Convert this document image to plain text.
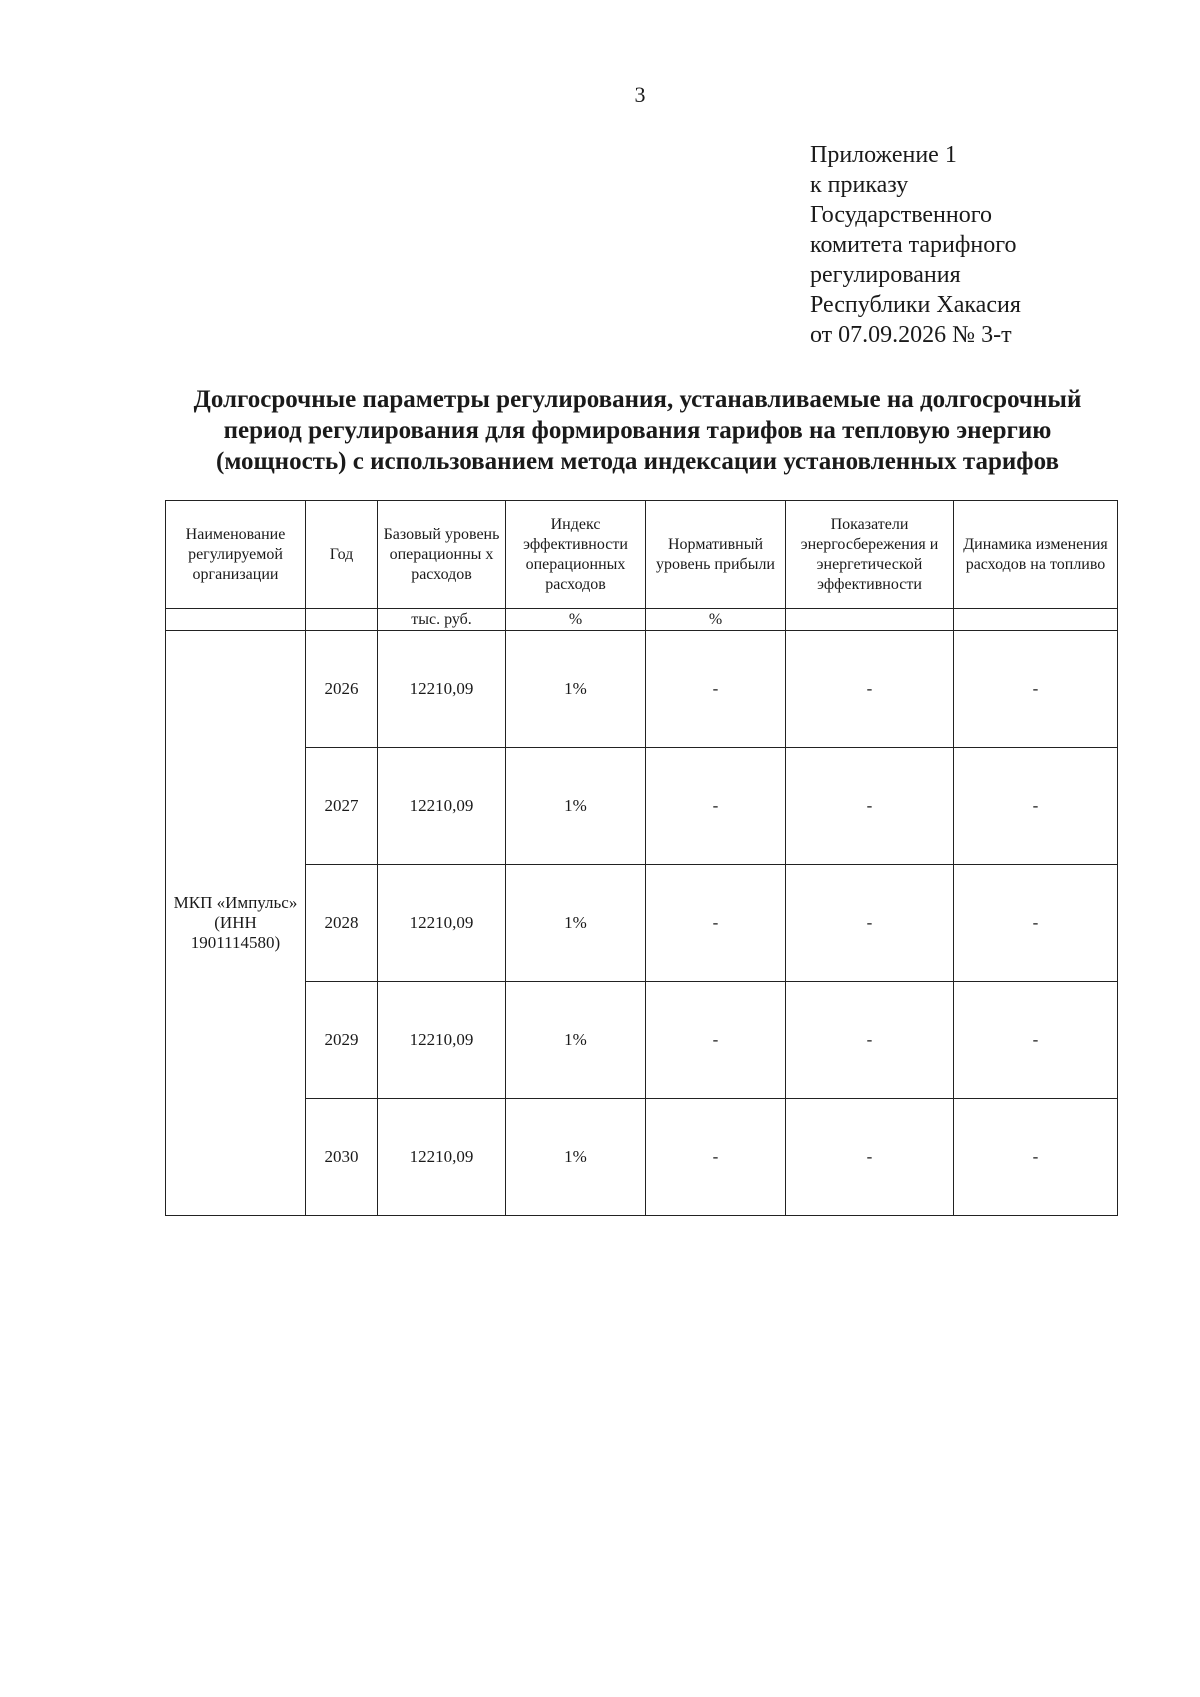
3
Приложение 1
к приказу
Государственного
комитета тарифного
регулирования
Республики Хакасия
от 07.09.2026 № 3-т
Долгосрочные параметры регулирования, устанавливаемые на долгосрочный
период регулирования для формирования тарифов на тепловую энергию
(мощность) с использованием метода индексации установленных тарифов
Наименование регулируемой организации	Год	Базовый уровень операционны х расходов	Индекс эффективности операционных расходов	Нормативный уровень прибыли	Показатели энергосбережения и энергетической эффективности	Динамика изменения расходов на топливо
		тыс. руб.	%	%		
МКП «Импульс» (ИНН 1901114580)	2026	12210,09	1%	-	-	-
	2027	12210,09	1%	-	-	-
	2028	12210,09	1%	-	-	-
	2029	12210,09	1%	-	-	-
	2030	12210,09	1%	-	-	-
